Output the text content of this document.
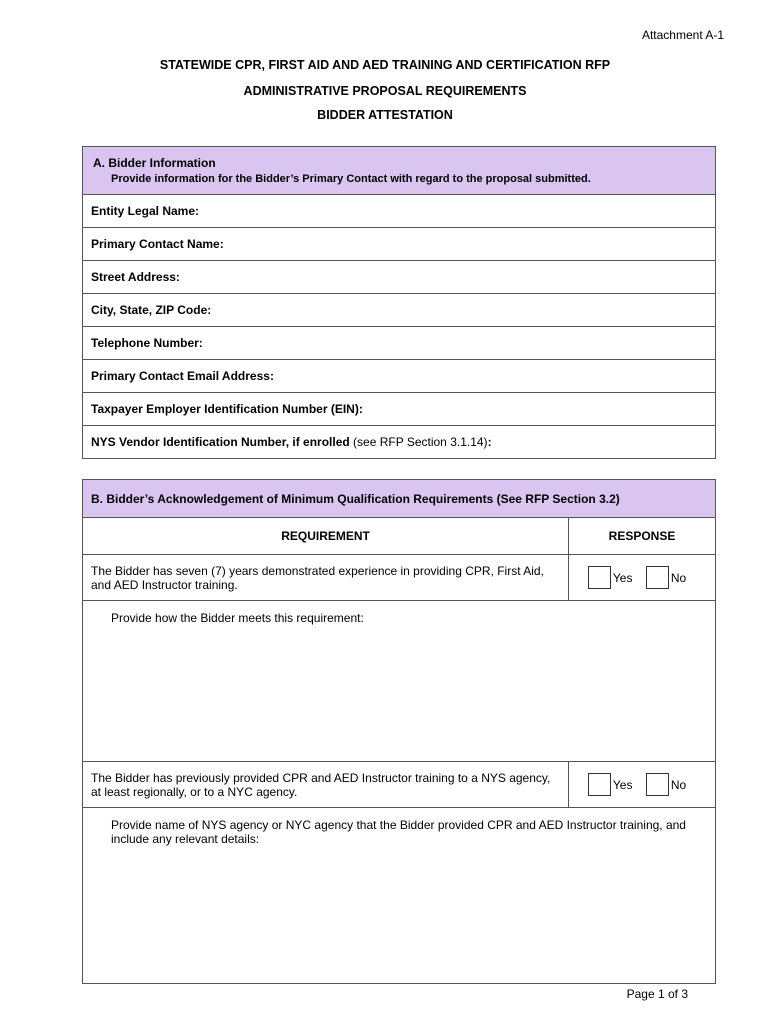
Attachment A-1
STATEWIDE CPR, FIRST AID AND AED TRAINING AND CERTIFICATION RFP
ADMINISTRATIVE PROPOSAL REQUIREMENTS
BIDDER ATTESTATION
A. Bidder Information
Provide information for the Bidder’s Primary Contact with regard to the proposal submitted.

Entity Legal Name:
Primary Contact Name:
Street Address:
City, State, ZIP Code:
Telephone Number:
Primary Contact Email Address:
Taxpayer Employer Identification Number (EIN):
NYS Vendor Identification Number, if enrolled (see RFP Section 3.1.14):
B. Bidder’s Acknowledgement of Minimum Qualification Requirements (See RFP Section 3.2)	
REQUIREMENT	RESPONSE
The Bidder has seven (7) years demonstrated experience in providing CPR, First Aid, and AED Instructor training.	Yes No
Provide how the Bidder meets this requirement:	
The Bidder has previously provided CPR and AED Instructor training to a NYS agency, at least regionally, or to a NYC agency.	Yes No
Provide name of NYS agency or NYC agency that the Bidder provided CPR and AED Instructor training, and include any relevant details:	
Page 1 of 3
